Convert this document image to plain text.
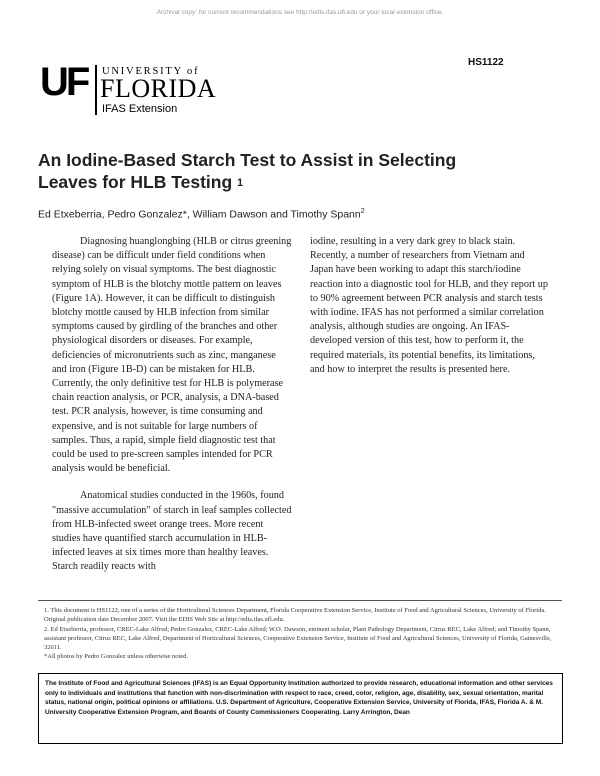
Archival copy: for current recommendations see http://edis.ifas.ufl.edu or your local extension office.
HS1122
UF UNIVERSITY of
FLORIDA
IFAS Extension
An Iodine-Based Starch Test to Assist in Selecting Leaves for HLB Testing $^1$
Ed Etxeberria, Pedro Gonzalez*, William Dawson and Timothy Spann$^2$

Diagnosing huanglongbing (HLB or citrus greening disease) can be difficult under field conditions when relying solely on visual symptoms. The best diagnostic symptom of HLB is the blotchy mottle pattern on leaves (Figure 1A). However, it can be difficult to distinguish blotchy mottle caused by HLB infection from similar symptoms caused by girdling of the branches and other physiological disorders or diseases. For example, deficiencies of micronutrients such as zinc, manganese and iron (Figure 1B-D) can be mistaken for HLB. Currently, the only definitive test for HLB is polymerase chain reaction analysis, or PCR, analysis, a DNA-based test. PCR analysis, however, is time consuming and expensive, and is not suitable for large numbers of samples. Thus, a rapid, simple field diagnostic test that could be used to pre-screen samples intended for PCR analysis would be beneficial.

Anatomical studies conducted in the 1960s, found "massive accumulation" of starch in leaf samples collected from HLB-infected sweet orange trees. More recent studies have quantified starch accumulation in HLB-infected leaves at six times more than healthy leaves. Starch readily reacts with

iodine, resulting in a very dark grey to black stain. Recently, a number of researchers from Vietnam and Japan have been working to adapt this starch/iodine reaction into a diagnostic tool for HLB, and they report up to 90% agreement between PCR analysis and starch tests with iodine. IFAS has not performed a similar correlation analysis, although studies are ongoing. An IFAS-developed version of this test, how to perform it, the required materials, its potential benefits, its limitations, and how to interpret the results is presented here.

1. This document is HS1122, one of a series of the Horticultural Sciences Department, Florida Cooperative Extension Service, Institute of Food and Agricultural Sciences, University of Florida. Original publication date December 2007. Visit the EDIS Web Site at http://edis.ifas.ufl.edu.

2. Ed Etxeberria, professor, CREC-Lake Alfred; Pedro Gonzalez, CREC-Lake Alfred; W.O. Dawson, eminent scholar, Plant Pathology Department, Citrus REC, Lake Alfred; and Timothy Spann, assistant professor, Citrus REC, Lake Alfred, Department of Horticultural Sciences, Cooperative Extension Service, Institute of Food and Agricultural Sciences, University of Florida, Gainesville, 32611.

*All photos by Pedro Gonzalez unless otherwise noted.

The Institute of Food and Agricultural Sciences (IFAS) is an Equal Opportunity Institution authorized to provide research, educational information and other services only to individuals and institutions that function with non-discrimination with respect to race, creed, color, religion, age, disability, sex, sexual orientation, marital status, national origin, political opinions or affiliations. U.S. Department of Agriculture, Cooperative Extension Service, University of Florida, IFAS, Florida A. & M. University Cooperative Extension Program, and Boards of County Commissioners Cooperating. Larry Arrington, Dean
